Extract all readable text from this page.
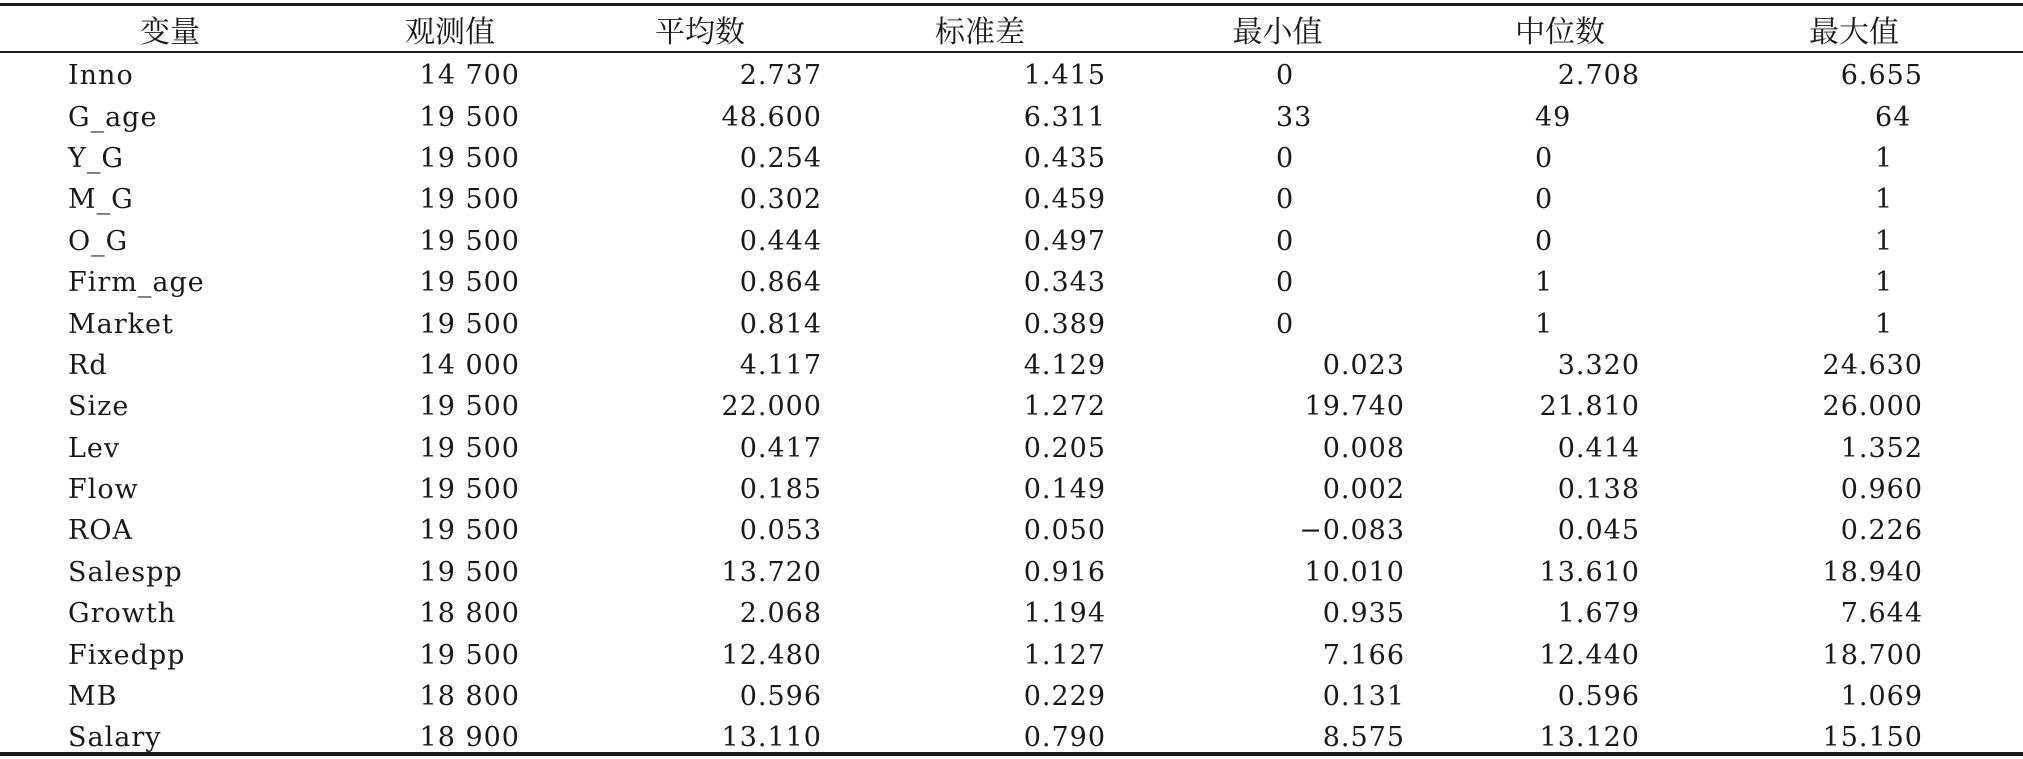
变量	观测值	平均数	标准差	最小值	中位数	最大值
Inno	14 700	2.737	1.415	0	2.708	6.655
G_age	19 500	48.600	6.311	33	49	64
Y_G	19 500	0.254	0.435	0	0	1
M_G	19 500	0.302	0.459	0	0	1
O_G	19 500	0.444	0.497	0	0	1
Firm_age	19 500	0.864	0.343	0	1	1
Market	19 500	0.814	0.389	0	1	1
Rd	14 000	4.117	4.129	0.023	3.320	24.630
Size	19 500	22.000	1.272	19.740	21.810	26.000
Lev	19 500	0.417	0.205	0.008	0.414	1.352
Flow	19 500	0.185	0.149	0.002	0.138	0.960
ROA	19 500	0.053	0.050	−0.083	0.045	0.226
Salespp	19 500	13.720	0.916	10.010	13.610	18.940
Growth	18 800	2.068	1.194	0.935	1.679	7.644
Fixedpp	19 500	12.480	1.127	7.166	12.440	18.700
MB	18 800	0.596	0.229	0.131	0.596	1.069
Salary	18 900	13.110	0.790	8.575	13.120	15.150
